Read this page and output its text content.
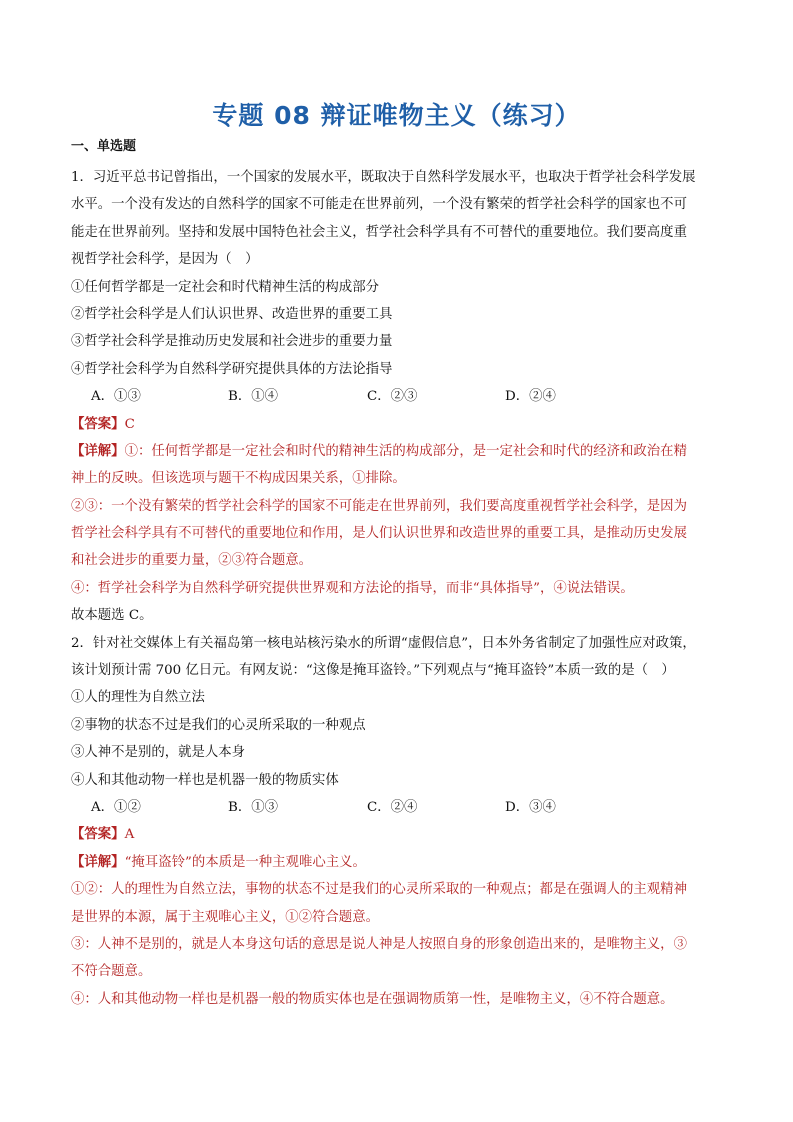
专题 08 辩证唯物主义（练习）
一、单选题
1．习近平总书记曾指出，一个国家的发展水平，既取决于自然科学发展水平，也取决于哲学社会科学发展
水平。一个没有发达的自然科学的国家不可能走在世界前列，一个没有繁荣的哲学社会科学的国家也不可
能走在世界前列。坚持和发展中国特色社会主义，哲学社会科学具有不可替代的重要地位。我们要高度重
视哲学社会科学，是因为（　）
①任何哲学都是一定社会和时代精神生活的构成部分
②哲学社会科学是人们认识世界、改造世界的重要工具
③哲学社会科学是推动历史发展和社会进步的重要力量
④哲学社会科学为自然科学研究提供具体的方法论指导
A．①③	B．①④	C．②③	D．②④
【答案】C
【详解】①：任何哲学都是一定社会和时代的精神生活的构成部分，是一定社会和时代的经济和政治在精
神上的反映。但该选项与题干不构成因果关系，①排除。
②③：一个没有繁荣的哲学社会科学的国家不可能走在世界前列，我们要高度重视哲学社会科学，是因为
哲学社会科学具有不可替代的重要地位和作用，是人们认识世界和改造世界的重要工具，是推动历史发展
和社会进步的重要力量，②③符合题意。
④：哲学社会科学为自然科学研究提供世界观和方法论的指导，而非“具体指导”，④说法错误。
故本题选 C。
2．针对社交媒体上有关福岛第一核电站核污染水的所谓“虚假信息”，日本外务省制定了加强性应对政策，
该计划预计需 700 亿日元。有网友说：“这像是掩耳盗铃。”下列观点与“掩耳盗铃”本质一致的是（　）
①人的理性为自然立法
②事物的状态不过是我们的心灵所采取的一种观点
③人神不是别的，就是人本身
④人和其他动物一样也是机器一般的物质实体
A．①②	B．①③	C．②④	D．③④
【答案】A
【详解】“掩耳盗铃”的本质是一种主观唯心主义。
①②：人的理性为自然立法，事物的状态不过是我们的心灵所采取的一种观点；都是在强调人的主观精神
是世界的本源，属于主观唯心主义，①②符合题意。
③：人神不是别的，就是人本身这句话的意思是说人神是人按照自身的形象创造出来的，是唯物主义，③
不符合题意。
④：人和其他动物一样也是机器一般的物质实体也是在强调物质第一性，是唯物主义，④不符合题意。
